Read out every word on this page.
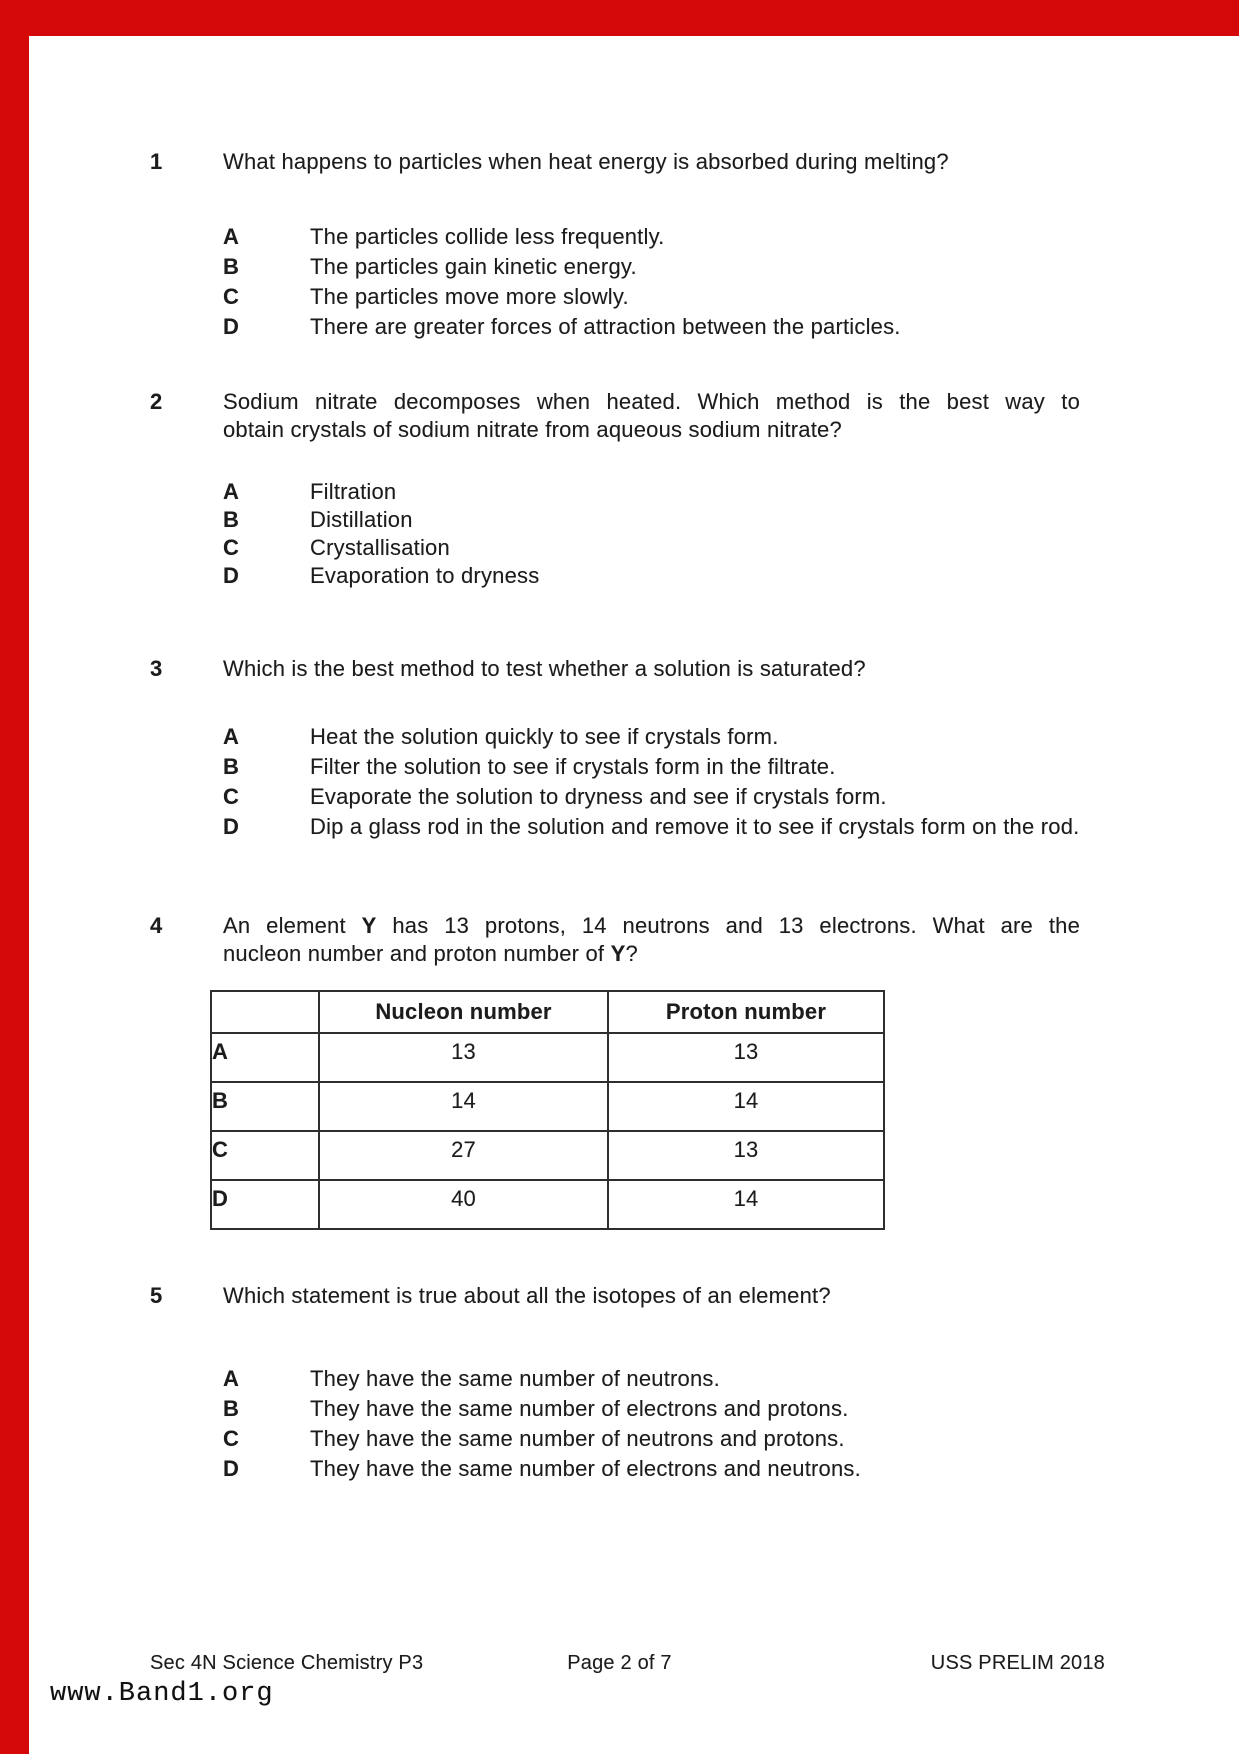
1	What happens to particles when heat energy is absorbed during melting?
A	The particles collide less frequently.
B	The particles gain kinetic energy.
C	The particles move more slowly.
D	There are greater forces of attraction between the particles.
2	Sodium nitrate decomposes when heated. Which method is the best way to
obtain crystals of sodium nitrate from aqueous sodium nitrate?
A	Filtration
B	Distillation
C	Crystallisation
D	Evaporation to dryness
3	Which is the best method to test whether a solution is saturated?
A	Heat the solution quickly to see if crystals form.
B	Filter the solution to see if crystals form in the filtrate.
C	Evaporate the solution to dryness and see if crystals form.
D	Dip a glass rod in the solution and remove it to see if crystals form on the rod.
4	An element Y has 13 protons, 14 neutrons and 13 electrons. What are the
nucleon number and proton number of Y?
	Nucleon number	Proton number
A	13	13
B	14	14
C	27	13
D	40	14
5	Which statement is true about all the isotopes of an element?
A	They have the same number of neutrons.
B	They have the same number of electrons and protons.
C	They have the same number of neutrons and protons.
D	They have the same number of electrons and neutrons.
Sec 4N Science Chemistry P3	Page 2 of 7	USS PRELIM 2018
www.Band1.org
